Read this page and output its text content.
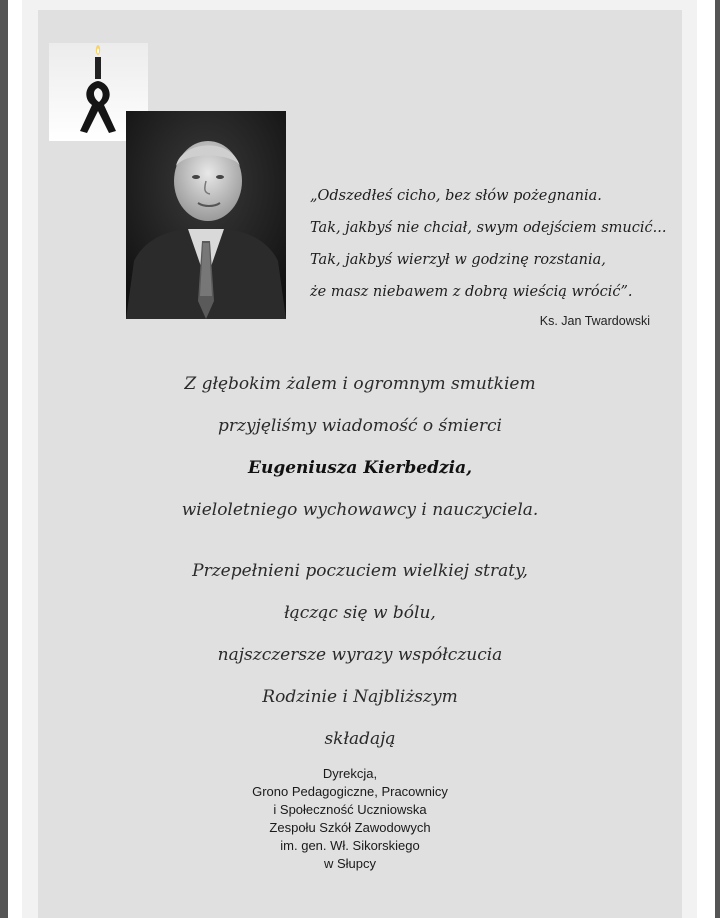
„Odszedłeś cicho, bez słów pożegnania.
Tak, jakbyś nie chciał, swym odejściem smucić...
Tak, jakbyś wierzył w godzinę rozstania,
że masz niebawem z dobrą wieścią wrócić”.
Ks. Jan Twardowski
Z głębokim żalem i ogromnym smutkiem
przyjęliśmy wiadomość o śmierci
Eugeniusza Kierbedzia,
wieloletniego wychowawcy i nauczyciela.
Przepełnieni poczuciem wielkiej straty,
łącząc się w bólu,
najszczersze wyrazy współczucia
Rodzinie i Najbliższym
składają
Dyrekcja,
Grono Pedagogiczne, Pracownicy
i Społeczność Uczniowska
Zespołu Szkół Zawodowych
im. gen. Wł. Sikorskiego
w Słupcy
